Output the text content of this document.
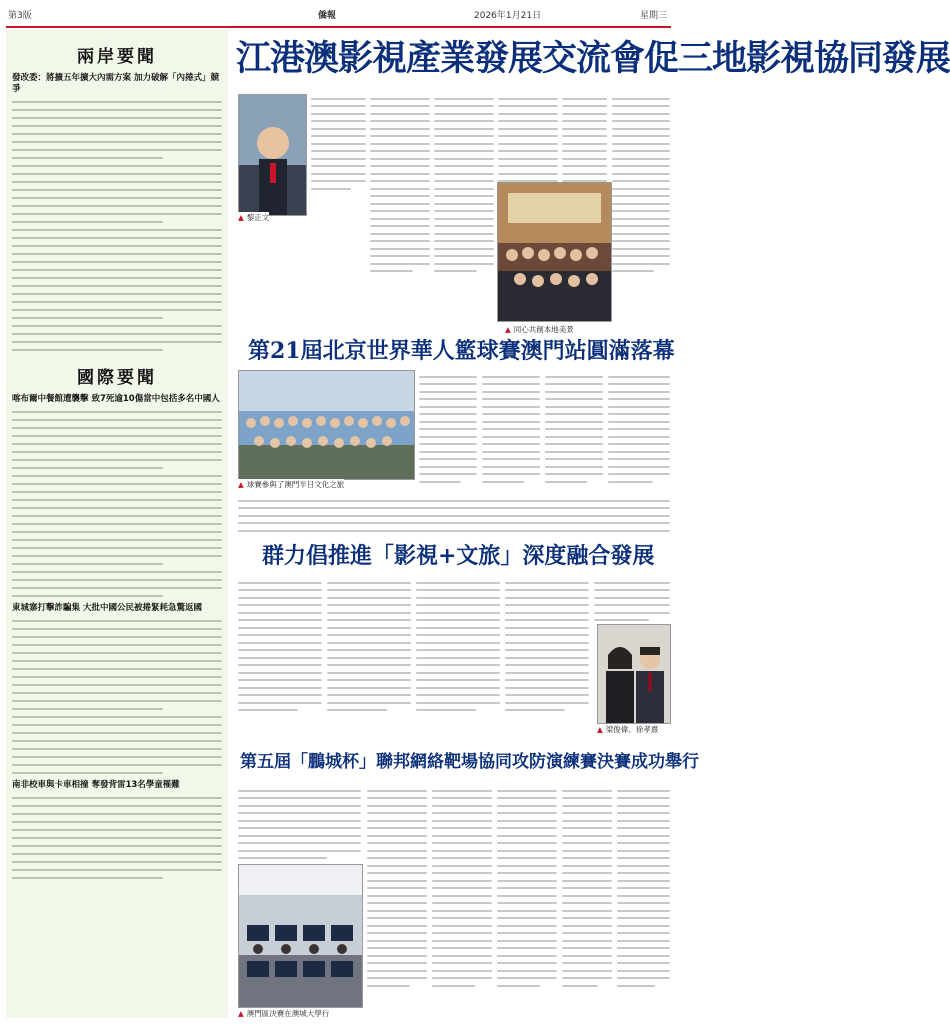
第3版	僑報	2026年1月21日	星期三
兩岸要聞
發改委：將擴五年擴大內需方案 加力破解「內捲式」競爭
國際要聞
喀布爾中餐館遭襲擊 致7死逾10傷當中包括多名中國人
東城寨打擊詐騙集 大批中國公民被捲緊耗急驚返國
南非校車與卡車相撞 奪發背雷13名學童罹難
江港澳影視產業發展交流會促三地影視協同發展
▲ 黎正文
▲ 同心共創本地美景
第21屆北京世界華人籃球賽澳門站圓滿落幕
▲ 球賽參與了澳門半日文化之旅
群力倡推進「影視+文旅」深度融合發展
▲ 梁俊偉、徐孝熹
第五屆「鵬城杯」聯邦網絡靶場協同攻防演練賽決賽成功舉行
▲ 澳門區決賽在澳城大學行
